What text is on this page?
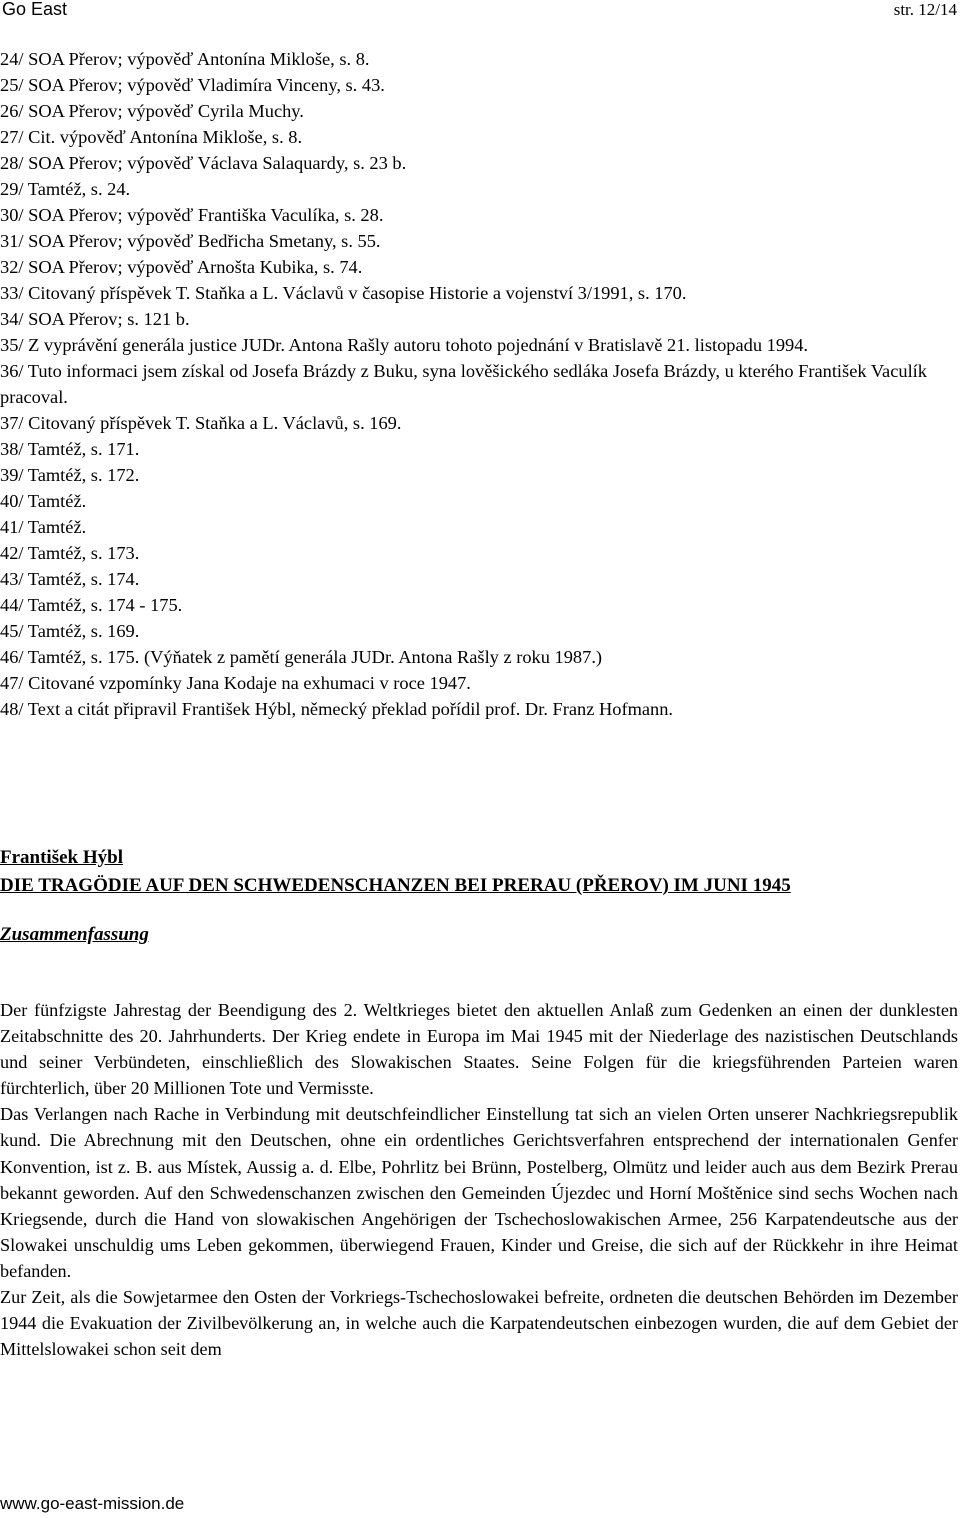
Go East	str. 12/14
24/ SOA Přerov; výpověď Antonína Mikloše, s. 8.
25/ SOA Přerov; výpověď Vladimíra Vinceny, s. 43.
26/ SOA Přerov; výpověď Cyrila Muchy.
27/ Cit. výpověď Antonína Mikloše, s. 8.
28/ SOA Přerov; výpověď Václava Salaquardy, s. 23 b.
29/ Tamtéž, s. 24.
30/ SOA Přerov; výpověď Františka Vaculíka, s. 28.
31/ SOA Přerov; výpověď Bedřicha Smetany, s. 55.
32/ SOA Přerov; výpověď Arnošta Kubika, s. 74.
33/ Citovaný příspěvek T. Staňka a L. Václavů v časopise Historie a vojenství 3/1991, s. 170.
34/ SOA Přerov; s. 121 b.
35/ Z vyprávění generála justice JUDr. Antona Rašly autoru tohoto pojednání v Bratislavě 21. listopadu 1994.
36/ Tuto informaci jsem získal od Josefa Brázdy z Buku, syna lověšického sedláka Josefa Brázdy, u kterého František Vaculík pracoval.
37/ Citovaný příspěvek T. Staňka a L. Václavů, s. 169.
38/ Tamtéž, s. 171.
39/ Tamtéž, s. 172.
40/ Tamtéž.
41/ Tamtéž.
42/ Tamtéž, s. 173.
43/ Tamtéž, s. 174.
44/ Tamtéž, s. 174 - 175.
45/ Tamtéž, s. 169.
46/ Tamtéž, s. 175. (Výňatek z pamětí generála JUDr. Antona Rašly z roku 1987.)
47/ Citované vzpomínky Jana Kodaje na exhumaci v roce 1947.
48/ Text a citát připravil František Hýbl, německý překlad pořídil prof. Dr. Franz Hofmann.
František Hýbl
DIE TRAGÖDIE AUF DEN SCHWEDENSCHANZEN BEI PRERAU (PŘEROV) IM JUNI 1945
Zusammenfassung

Der fünfzigste Jahrestag der Beendigung des 2. Weltkrieges bietet den aktuellen Anlaß zum Gedenken an einen der dunklesten Zeitabschnitte des 20. Jahrhunderts. Der Krieg endete in Europa im Mai 1945 mit der Niederlage des nazistischen Deutschlands und seiner Verbündeten, einschließlich des Slowakischen Staates. Seine Folgen für die kriegsführenden Parteien waren fürchterlich, über 20 Millionen Tote und Vermisste.

Das Verlangen nach Rache in Verbindung mit deutschfeindlicher Einstellung tat sich an vielen Orten unserer Nachkriegsrepublik kund. Die Abrechnung mit den Deutschen, ohne ein ordentliches Gerichtsverfahren entsprechend der internationalen Genfer Konvention, ist z. B. aus Místek, Aussig a. d. Elbe, Pohrlitz bei Brünn, Postelberg, Olmütz und leider auch aus dem Bezirk Prerau bekannt geworden. Auf den Schwedenschanzen zwischen den Gemeinden Újezdec und Horní Moštěnice sind sechs Wochen nach Kriegsende, durch die Hand von slowakischen Angehörigen der Tschechoslowakischen Armee, 256 Karpatendeutsche aus der Slowakei unschuldig ums Leben gekommen, überwiegend Frauen, Kinder und Greise, die sich auf der Rückkehr in ihre Heimat befanden.

Zur Zeit, als die Sowjetarmee den Osten der Vorkriegs-Tschechoslowakei befreite, ordneten die deutschen Behörden im Dezember 1944 die Evakuation der Zivilbevölkerung an, in welche auch die Karpatendeutschen einbezogen wurden, die auf dem Gebiet der Mittelslowakei schon seit dem

www.go-east-mission.de
